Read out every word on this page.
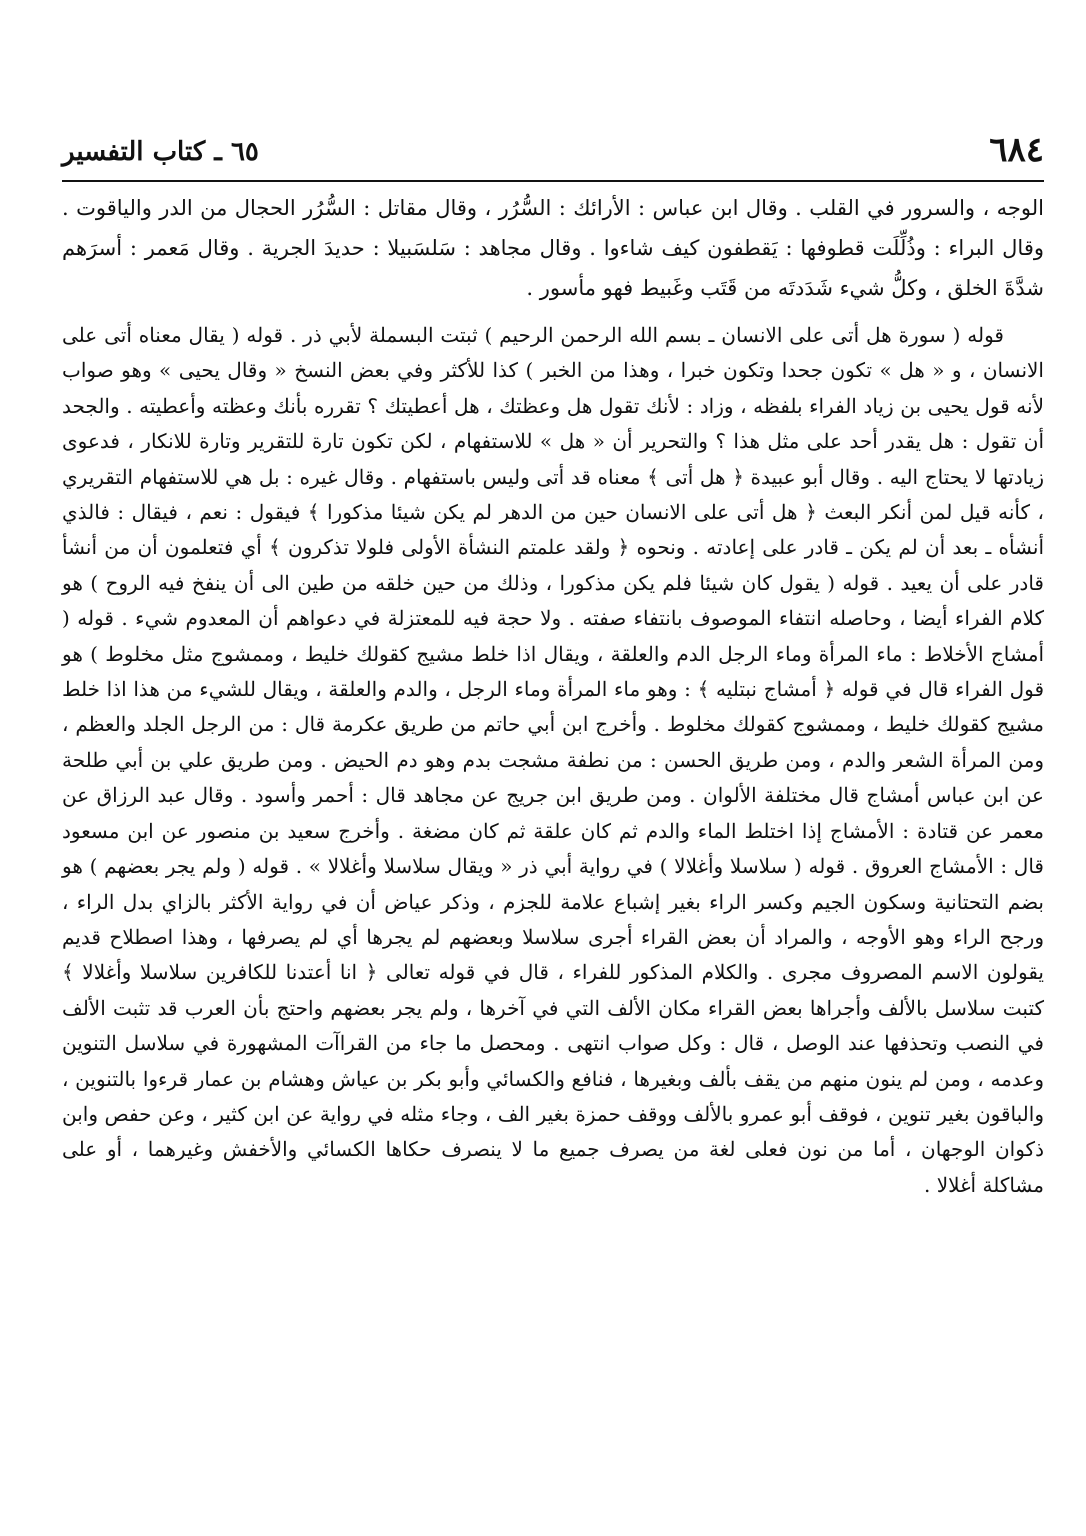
٦٨٤
٦٥ ـ كتاب التفسير

الوجه ، والسرور في القلب . وقال ابن عباس : الأرائك : السُّرُر ، وقال مقاتل : السُّرُر الحجال من الدر والياقوت . وقال البراء : وذُلِّلَت قطوفها : يَقطفون كيف شاءوا . وقال مجاهد : سَلسَبيلا : حديدَ الجرية . وقال مَعمر : أسرَهم شدَّةَ الخلق ، وكلُّ شيء شَدَدتَه من قَتَب وغَبيط فهو مأسور .

قوله ( سورة هل أتى على الانسان ـ بسم الله الرحمن الرحيم ) ثبتت البسملة لأبي ذر . قوله ( يقال معناه أتى على الانسان ، و « هل » تكون جحدا وتكون خبرا ، وهذا من الخبر ) كذا للأكثر وفي بعض النسخ « وقال يحيى » وهو صواب لأنه قول يحيى بن زياد الفراء بلفظه ، وزاد : لأنك تقول هل وعظتك ، هل أعطيتك ؟ تقرره بأنك وعظته وأعطيته . والجحد أن تقول : هل يقدر أحد على مثل هذا ؟ والتحرير أن « هل » للاستفهام ، لكن تكون تارة للتقرير وتارة للانكار ، فدعوى زيادتها لا يحتاج اليه . وقال أبو عبيدة ﴿ هل أتى ﴾ معناه قد أتى وليس باستفهام . وقال غيره : بل هي للاستفهام التقريري ، كأنه قيل لمن أنكر البعث ﴿ هل أتى على الانسان حين من الدهر لم يكن شيئا مذكورا ﴾ فيقول : نعم ، فيقال : فالذي أنشأه ـ بعد أن لم يكن ـ قادر على إعادته . ونحوه ﴿ ولقد علمتم النشأة الأولى فلولا تذكرون ﴾ أي فتعلمون أن من أنشأ قادر على أن يعيد . قوله ( يقول كان شيئا فلم يكن مذكورا ، وذلك من حين خلقه من طين الى أن ينفخ فيه الروح ) هو كلام الفراء أيضا ، وحاصله انتفاء الموصوف بانتفاء صفته . ولا حجة فيه للمعتزلة في دعواهم أن المعدوم شيء . قوله ( أمشاج الأخلاط : ماء المرأة وماء الرجل الدم والعلقة ، ويقال اذا خلط مشيج كقولك خليط ، وممشوج مثل مخلوط ) هو قول الفراء قال في قوله ﴿ أمشاج نبتليه ﴾ : وهو ماء المرأة وماء الرجل ، والدم والعلقة ، ويقال للشيء من هذا اذا خلط مشيج كقولك خليط ، وممشوج كقولك مخلوط . وأخرج ابن أبي حاتم من طريق عكرمة قال : من الرجل الجلد والعظم ، ومن المرأة الشعر والدم ، ومن طريق الحسن : من نطفة مشجت بدم وهو دم الحيض . ومن طريق علي بن أبي طلحة عن ابن عباس أمشاج قال مختلفة الألوان . ومن طريق ابن جريج عن مجاهد قال : أحمر وأسود . وقال عبد الرزاق عن معمر عن قتادة : الأمشاج إذا اختلط الماء والدم ثم كان علقة ثم كان مضغة . وأخرج سعيد بن منصور عن ابن مسعود قال : الأمشاج العروق . قوله ( سلاسلا وأغلالا ) في رواية أبي ذر « ويقال سلاسلا وأغلالا » . قوله ( ولم يجر بعضهم ) هو بضم التحتانية وسكون الجيم وكسر الراء بغير إشباع علامة للجزم ، وذكر عياض أن في رواية الأكثر بالزاي بدل الراء ، ورجح الراء وهو الأوجه ، والمراد أن بعض القراء أجرى سلاسلا وبعضهم لم يجرها أي لم يصرفها ، وهذا اصطلاح قديم يقولون الاسم المصروف مجرى . والكلام المذكور للفراء ، قال في قوله تعالى ﴿ انا أعتدنا للكافرين سلاسلا وأغلالا ﴾ كتبت سلاسل بالألف وأجراها بعض القراء مكان الألف التي في آخرها ، ولم يجر بعضهم واحتج بأن العرب قد تثبت الألف في النصب وتحذفها عند الوصل ، قال : وكل صواب انتهى . ومحصل ما جاء من القراآت المشهورة في سلاسل التنوين وعدمه ، ومن لم ينون منهم من يقف بألف وبغيرها ، فنافع والكسائي وأبو بكر بن عياش وهشام بن عمار قرءوا بالتنوين ، والباقون بغير تنوين ، فوقف أبو عمرو بالألف ووقف حمزة بغير الف ، وجاء مثله في رواية عن ابن كثير ، وعن حفص وابن ذكوان الوجهان ، أما من نون فعلى لغة من يصرف جميع ما لا ينصرف حكاها الكسائي والأخفش وغيرهما ، أو على مشاكلة أغلالا .
